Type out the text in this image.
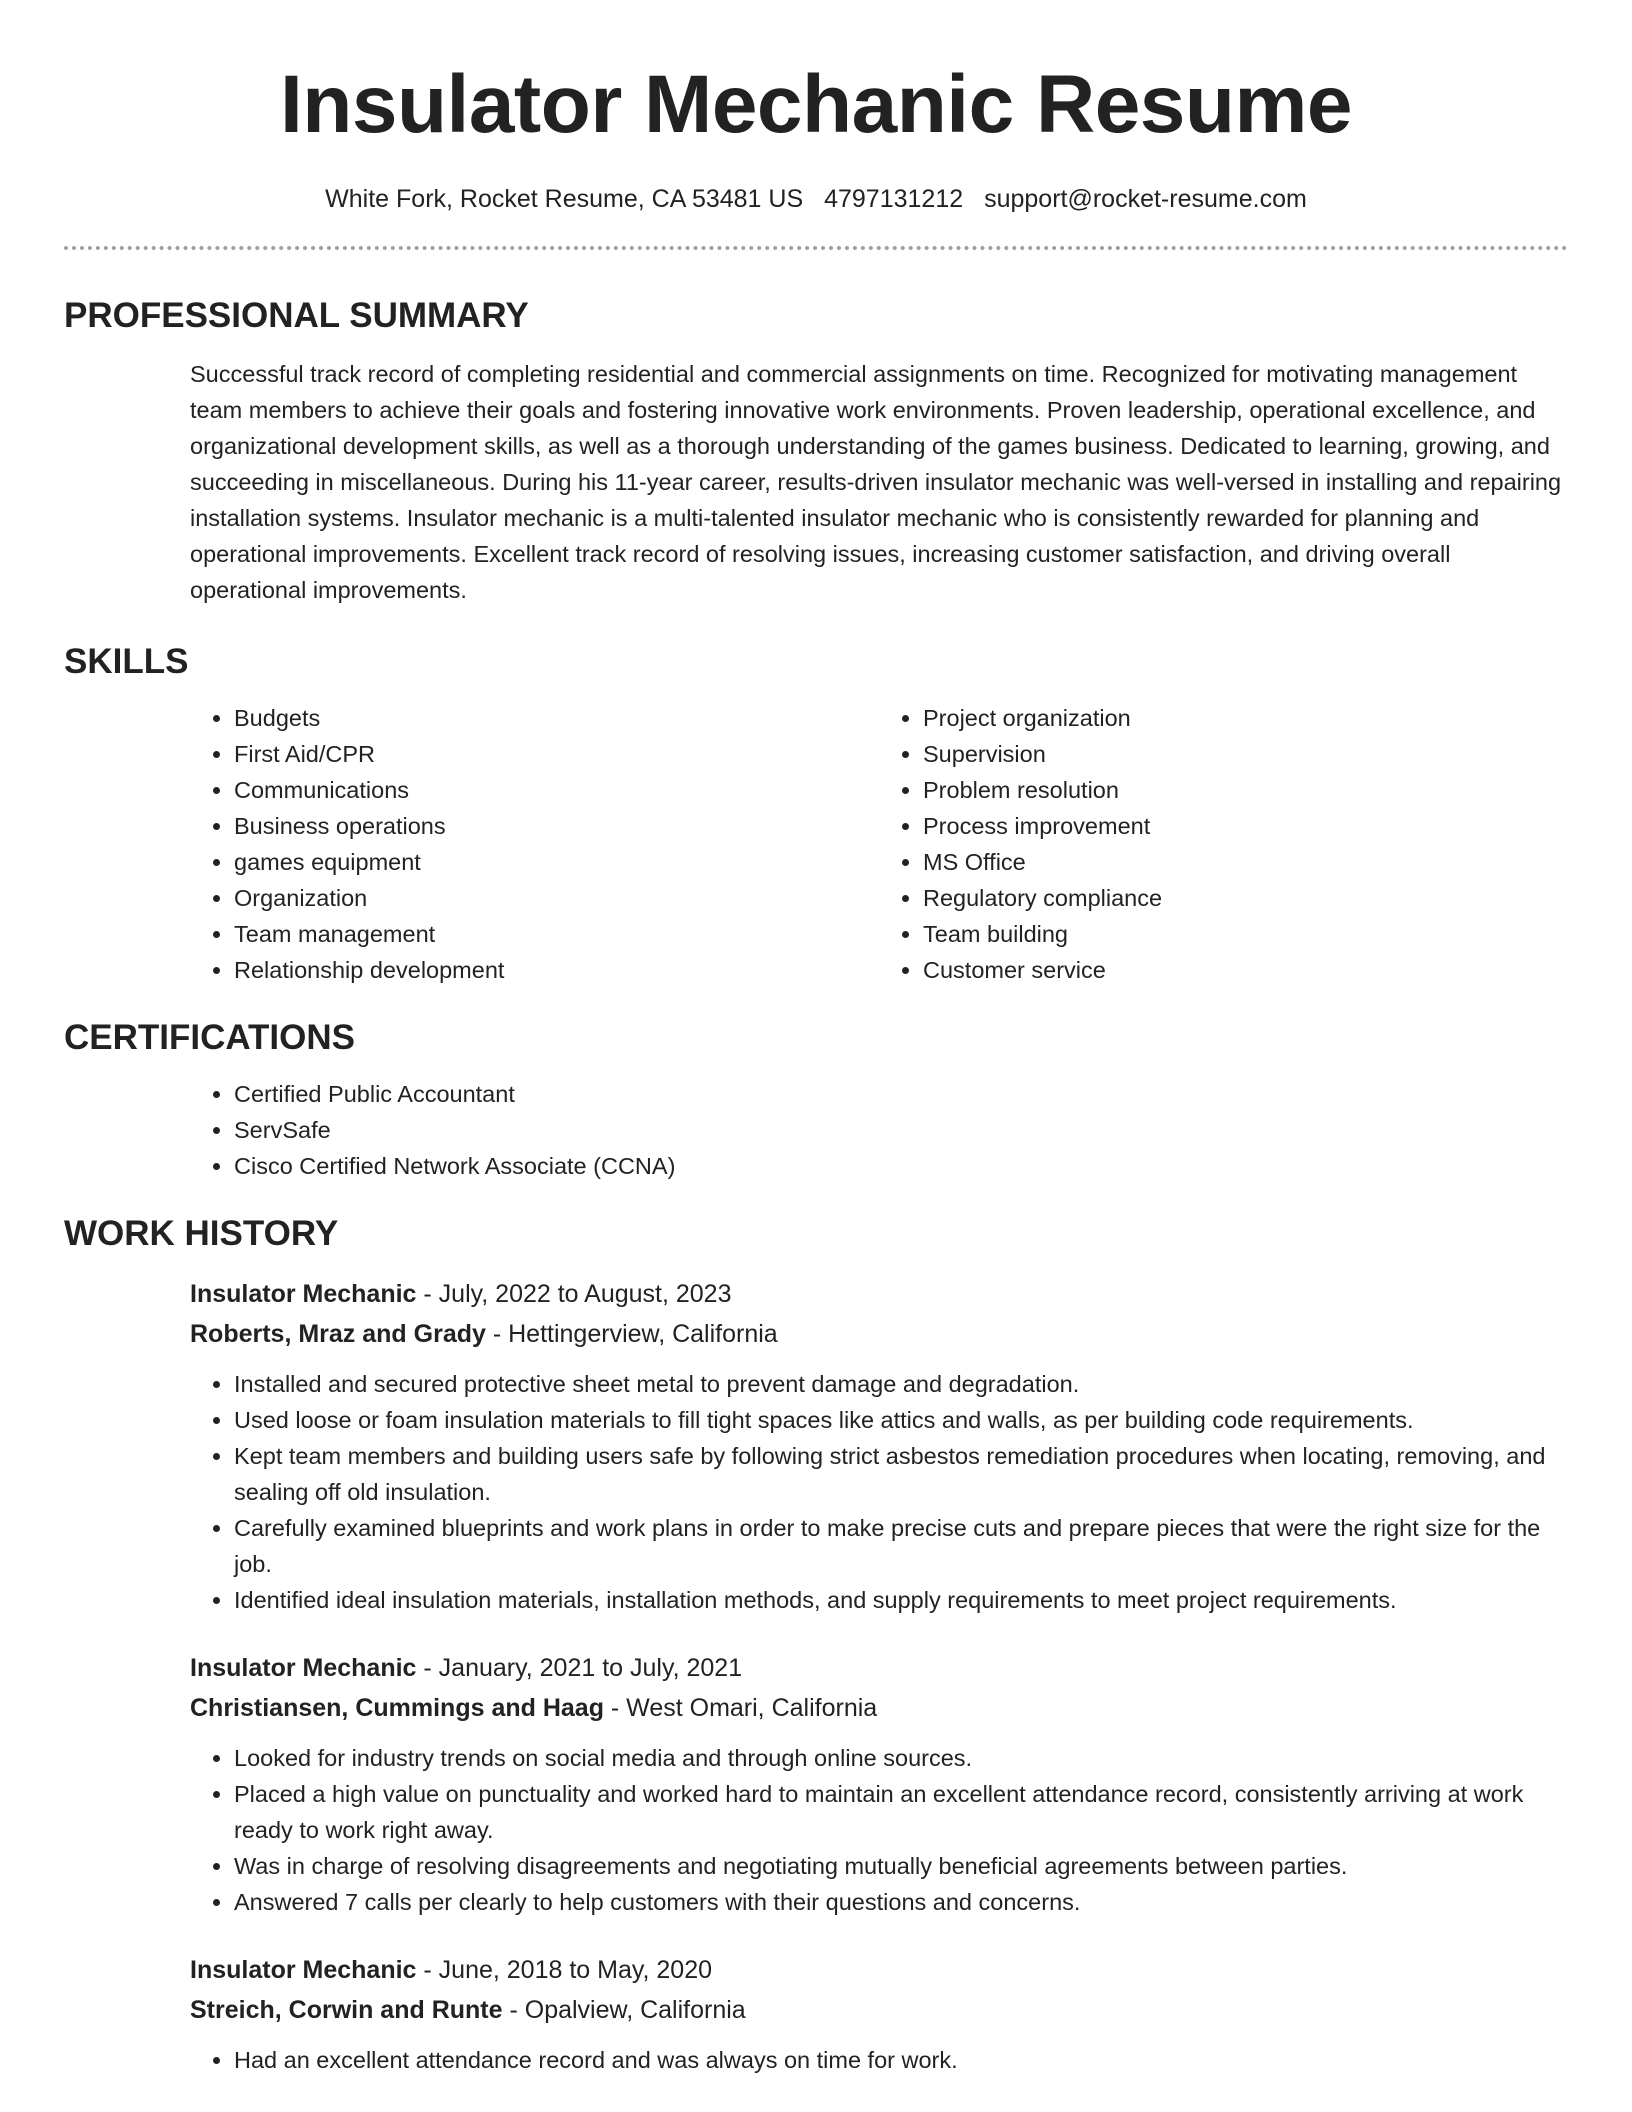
Insulator Mechanic Resume
White Fork, Rocket Resume, CA 53481 US 4797131212 support@rocket-resume.com
PROFESSIONAL SUMMARY

Successful track record of completing residential and commercial assignments on time. Recognized for motivating management team members to achieve their goals and fostering innovative work environments. Proven leadership, operational excellence, and organizational development skills, as well as a thorough understanding of the games business. Dedicated to learning, growing, and succeeding in miscellaneous. During his 11-year career, results-driven insulator mechanic was well-versed in installing and repairing installation systems. Insulator mechanic is a multi-talented insulator mechanic who is consistently rewarded for planning and operational improvements. Excellent track record of resolving issues, increasing customer satisfaction, and driving overall operational improvements.

SKILLS
• Budgets
• First Aid/CPR
• Communications
• Business operations
• games equipment
• Organization
• Team management
• Relationship development
• Project organization
• Supervision
• Problem resolution
• Process improvement
• MS Office
• Regulatory compliance
• Team building
• Customer service
CERTIFICATIONS
• Certified Public Accountant
• ServSafe
• Cisco Certified Network Associate (CCNA)
WORK HISTORY
Insulator Mechanic - July, 2022 to August, 2023
Roberts, Mraz and Grady - Hettingerview, California
• Installed and secured protective sheet metal to prevent damage and degradation.
• Used loose or foam insulation materials to fill tight spaces like attics and walls, as per building code requirements.
• Kept team members and building users safe by following strict asbestos remediation procedures when locating, removing, and sealing off old insulation.
• Carefully examined blueprints and work plans in order to make precise cuts and prepare pieces that were the right size for the job.
• Identified ideal insulation materials, installation methods, and supply requirements to meet project requirements.
Insulator Mechanic - January, 2021 to July, 2021
Christiansen, Cummings and Haag - West Omari, California
• Looked for industry trends on social media and through online sources.
• Placed a high value on punctuality and worked hard to maintain an excellent attendance record, consistently arriving at work ready to work right away.
• Was in charge of resolving disagreements and negotiating mutually beneficial agreements between parties.
• Answered 7 calls per clearly to help customers with their questions and concerns.
Insulator Mechanic - June, 2018 to May, 2020
Streich, Corwin and Runte - Opalview, California
• Had an excellent attendance record and was always on time for work.
